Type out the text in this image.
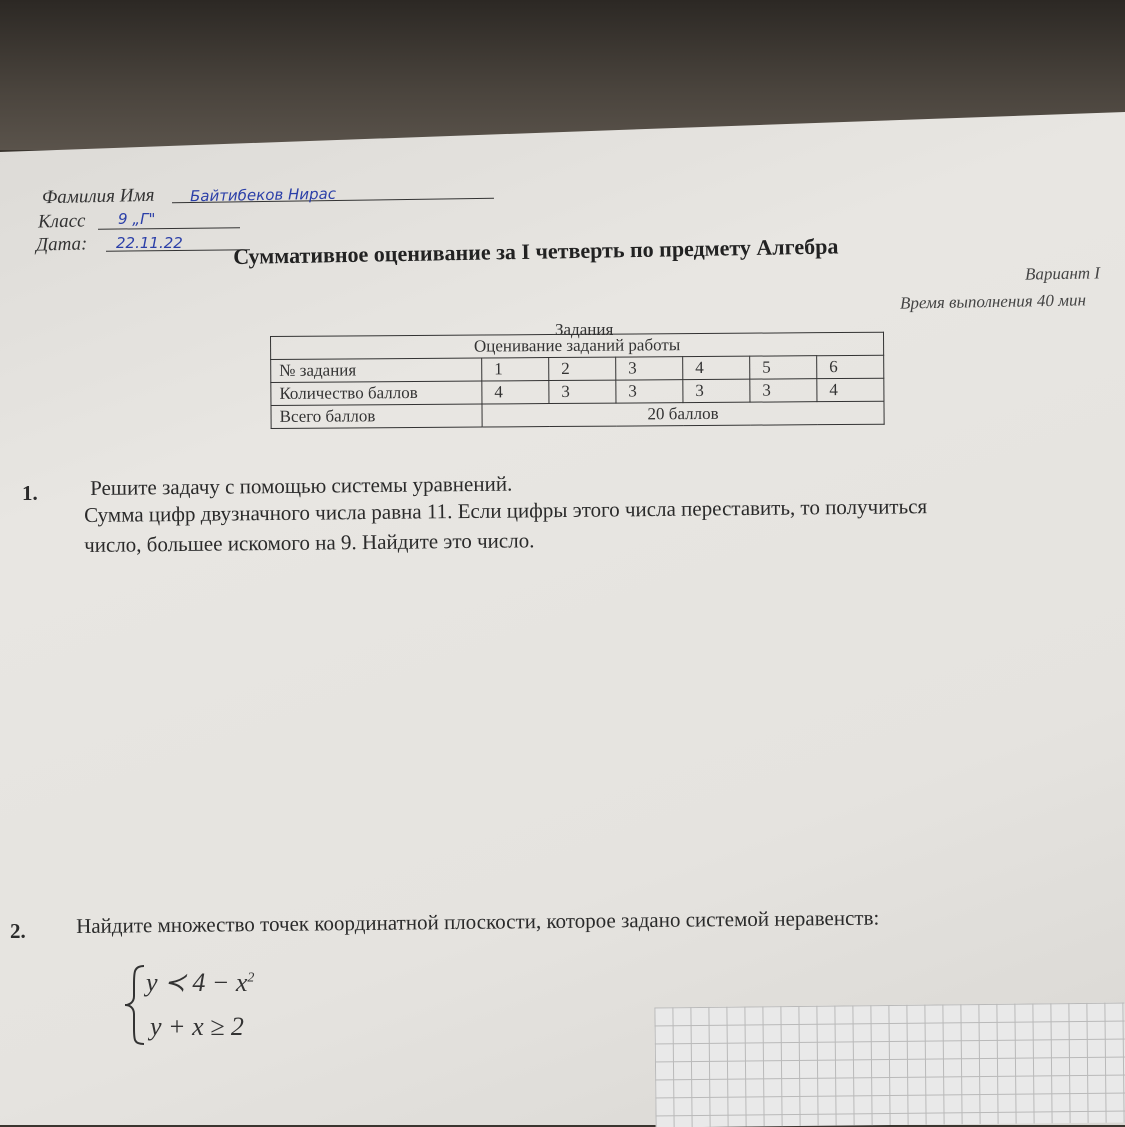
Фамилия Имя Байтибеков Нирас
Класс 9 „Г"
Дата: 22.11.22 Суммативное оценивание за I четверть по предмету Алгебра
Вариант I
Время выполнения 40 мин
Задания
Оценивание заданий работы						
№ задания	1	2	3	4	5	6
Количество баллов	4	3	3	3	3	4
Всего баллов	20 баллов					
1. Решите задачу с помощью системы уравнений.
Сумма цифр двузначного числа равна 11. Если цифры этого числа переставить, то получиться
число, большее искомого на 9. Найдите это число.
2. Найдите множество точек координатной плоскости, которое задано системой неравенств:
y ≺ $4 - x^2$
y + x ≥ 2
